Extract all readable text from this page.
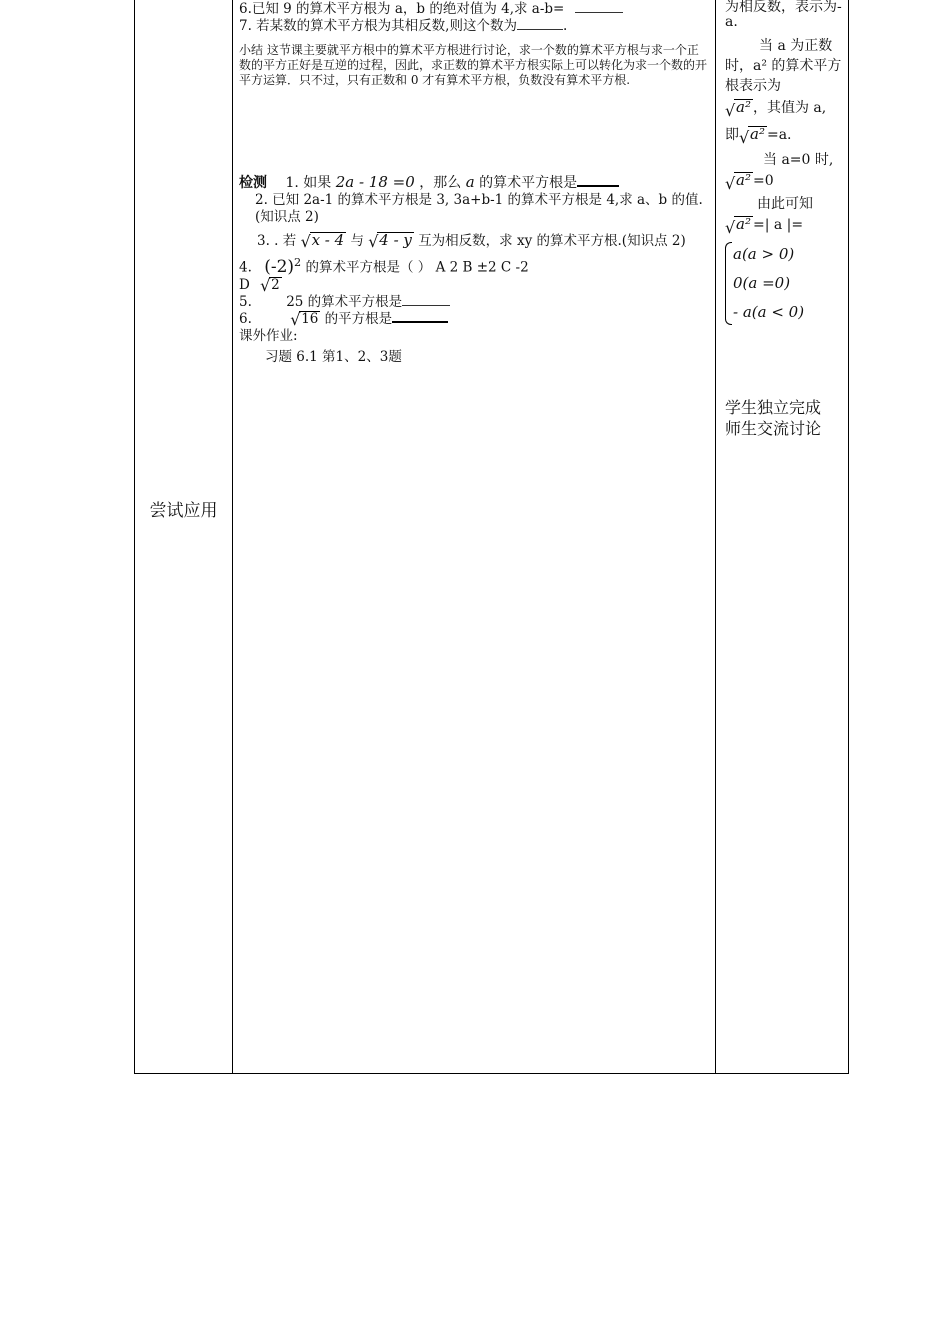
尝试应用
6.已知 9 的算术平方根为 a，b 的绝对值为 4,求 a-b=
7. 若某数的算术平方根为其相反数,则这个数为	.
小结 这节课主要就平方根中的算术平方根进行讨论，求一个数的算术平方根与求一个正数的平方正好是互逆的过程，因此，求正数的算术平方根实际上可以转化为求一个数的开平方运算．只不过，只有正数和 0 才有算术平方根，负数没有算术平方根.
检测 1. 如果 2a - 18 =0 ，那么 a 的算术平方根是
2. 已知 2a-1 的算术平方根是 3, 3a+b-1 的算术平方根是 4,求 a、b 的值. (知识点 2)
3. . 若 √ x - 4 与 √ 4 - y 互为相反数，求 xy 的算术平方根.(知识点 2)
4. $(-2)^2$ 的算术平方根是（ ） A 2 B ±2 C -2
D √ 2
5.	25 的算术平方根是
6. √ 16 的平方根是
课外作业:
习题 6.1 第1、2、3题
为相反数，表示为-a.
当 a 为正数时，a² 的算术平方根表示为
√ a² ，其值为 a,
即 √ a² =a.
当 a=0 时,
√ a² =0
由此可知
√ a² =| a |=
a(a > 0)
0(a =0)
- a(a < 0)
学生独立完成
师生交流讨论
